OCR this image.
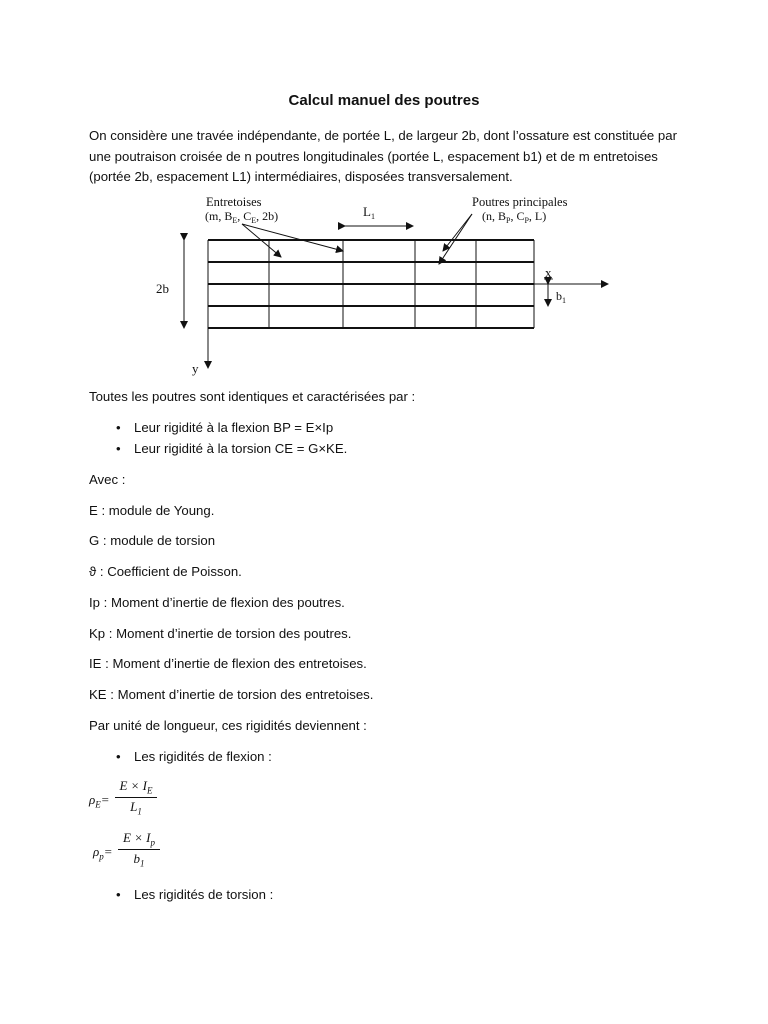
Calcul manuel des poutres
On considère une travée indépendante, de portée L, de largeur 2b, dont l’ossature est constituée par une poutraison croisée de n poutres longitudinales (portée L, espacement b1) et de m entretoises (portée 2b, espacement L1) intermédiaires, disposées transversalement.
x
y
2b	$b_1$
$L_1$
Entretoises
(m, $B_E$, $C_E$, 2b)
Poutres principales
(n, $B_P$, $C_P$, L)
Toutes les poutres sont identiques et caractérisées par :
• Leur rigidité à la flexion BP = E×Ip
• Leur rigidité à la torsion CE = G×KE.
Avec :
E : module de Young.
G : module de torsion
ϑ : Coefficient de Poisson.
Ip : Moment d’inertie de flexion des poutres.
Kp : Moment d’inertie de torsion des poutres.
IE : Moment d’inertie de flexion des entretoises.
KE : Moment d’inertie de torsion des entretoises.
Par unité de longueur, ces rigidités deviennent :
• Les rigidités de flexion :
$\rho_E=$
$E \times I_E$
$L_1$
$\rho_p=$
$E \times I_p$
$b_1$
• Les rigidités de torsion :
